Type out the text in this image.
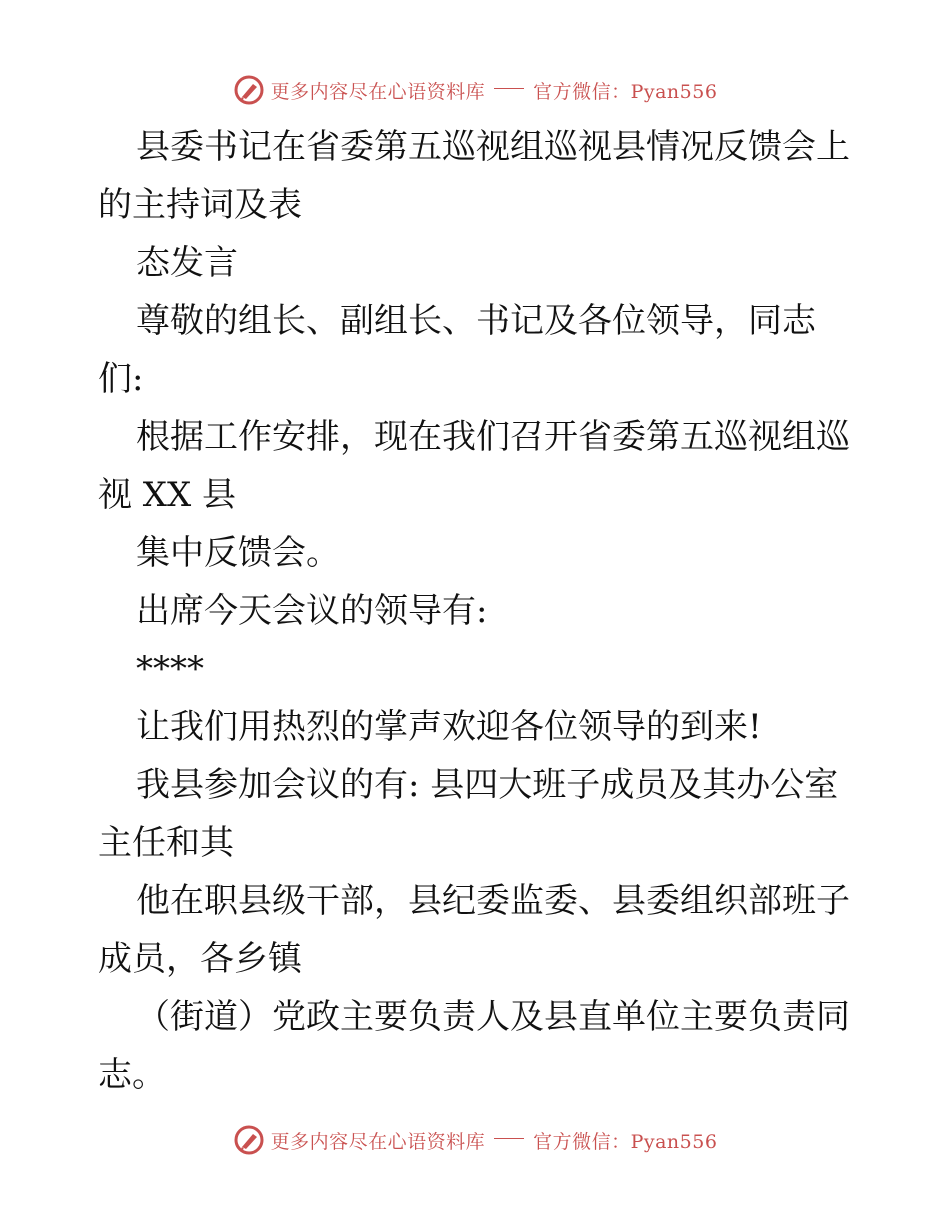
更多内容尽在心语资料库	官方微信：Pyan556
县委书记在省委第五巡视组巡视县情况反馈会上
的主持词及表
态发言
尊敬的组长、副组长、书记及各位领导，同志
们:
根据工作安排，现在我们召开省委第五巡视组巡
视 XX 县
集中反馈会。
出席今天会议的领导有:
****
让我们用热烈的掌声欢迎各位领导的到来!
我县参加会议的有: 县四大班子成员及其办公室
主任和其
他在职县级干部，县纪委监委、县委组织部班子
成员，各乡镇
（街道）党政主要负责人及县直单位主要负责同
志。
更多内容尽在心语资料库	官方微信：Pyan556
